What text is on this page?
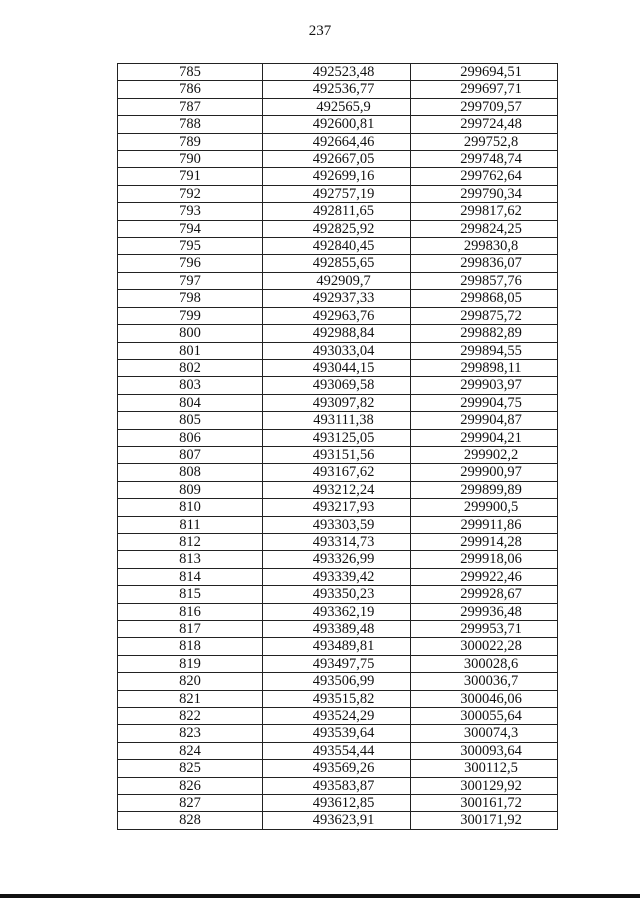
237
785	492523,48	299694,51
786	492536,77	299697,71
787	492565,9	299709,57
788	492600,81	299724,48
789	492664,46	299752,8
790	492667,05	299748,74
791	492699,16	299762,64
792	492757,19	299790,34
793	492811,65	299817,62
794	492825,92	299824,25
795	492840,45	299830,8
796	492855,65	299836,07
797	492909,7	299857,76
798	492937,33	299868,05
799	492963,76	299875,72
800	492988,84	299882,89
801	493033,04	299894,55
802	493044,15	299898,11
803	493069,58	299903,97
804	493097,82	299904,75
805	493111,38	299904,87
806	493125,05	299904,21
807	493151,56	299902,2
808	493167,62	299900,97
809	493212,24	299899,89
810	493217,93	299900,5
811	493303,59	299911,86
812	493314,73	299914,28
813	493326,99	299918,06
814	493339,42	299922,46
815	493350,23	299928,67
816	493362,19	299936,48
817	493389,48	299953,71
818	493489,81	300022,28
819	493497,75	300028,6
820	493506,99	300036,7
821	493515,82	300046,06
822	493524,29	300055,64
823	493539,64	300074,3
824	493554,44	300093,64
825	493569,26	300112,5
826	493583,87	300129,92
827	493612,85	300161,72
828	493623,91	300171,92
